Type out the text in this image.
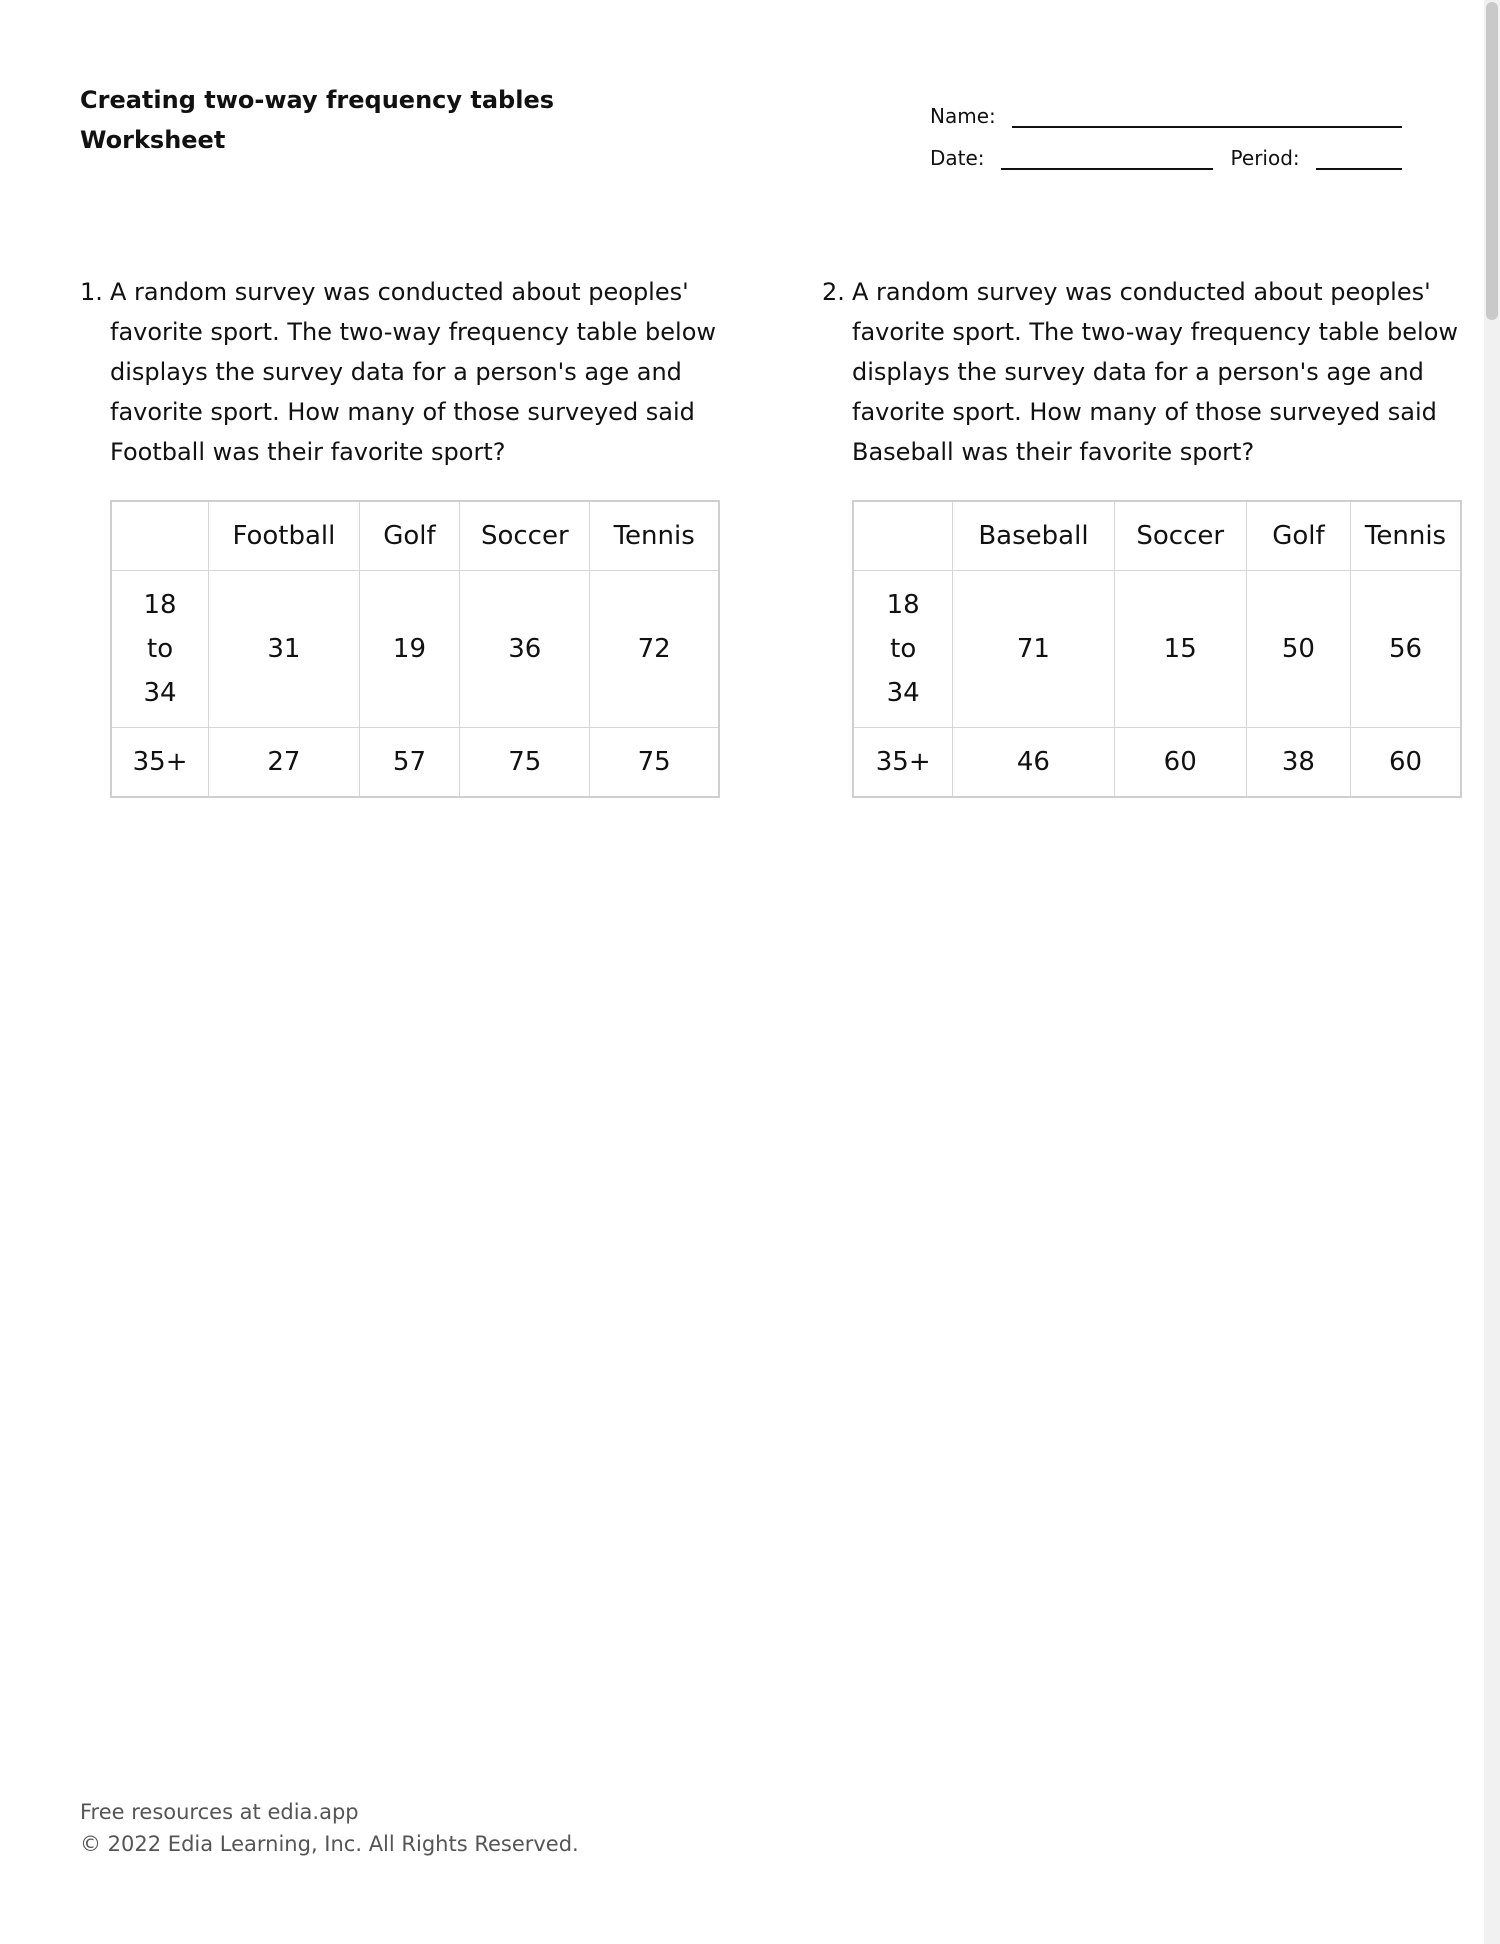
Creating two-way frequency tables
Worksheet
Name:
Date:	Period:
1. A random survey was conducted about peoples' favorite sport. The two-way frequency table below displays the survey data for a person's age and favorite sport. How many of those surveyed said Football was their favorite sport?
	Football	Golf	Soccer	Tennis

18
to
34	31	19	36	72

35+	27	57	75	75
2. A random survey was conducted about peoples' favorite sport. The two-way frequency table below displays the survey data for a person's age and favorite sport. How many of those surveyed said Baseball was their favorite sport?
	Baseball	Soccer	Golf	Tennis

18
to
34	71	15	50	56

35+	46	60	38	60
Free resources at edia.app
© 2022 Edia Learning, Inc. All Rights Reserved.
